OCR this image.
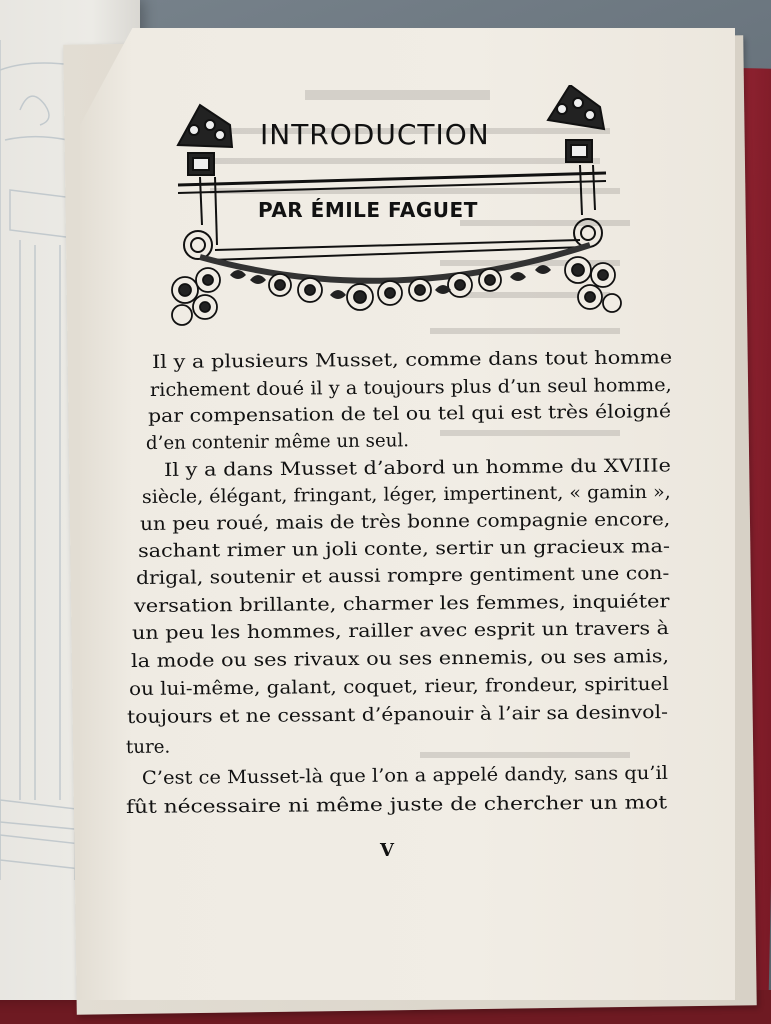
INTRODUCTION
PAR ÉMILE FAGUET
Il y a plusieurs Musset, comme dans tout homme
richement doué il y a toujours plus d’un seul homme,
par compensation de tel ou tel qui est très éloigné
d’en contenir même un seul.
Il y a dans Musset d’abord un homme du XVIIIe
siècle, élégant, fringant, léger, impertinent, « gamin »,
un peu roué, mais de très bonne compagnie encore,
sachant rimer un joli conte, sertir un gracieux ma-
drigal, soutenir et aussi rompre gentiment une con-
versation brillante, charmer les femmes, inquiéter
un peu les hommes, railler avec esprit un travers à
la mode ou ses rivaux ou ses ennemis, ou ses amis,
ou lui-même, galant, coquet, rieur, frondeur, spirituel
toujours et ne cessant d’épanouir à l’air sa desinvol-
ture.
C’est ce Musset-là que l’on a appelé dandy, sans qu’il
fût nécessaire ni même juste de chercher un mot
V
